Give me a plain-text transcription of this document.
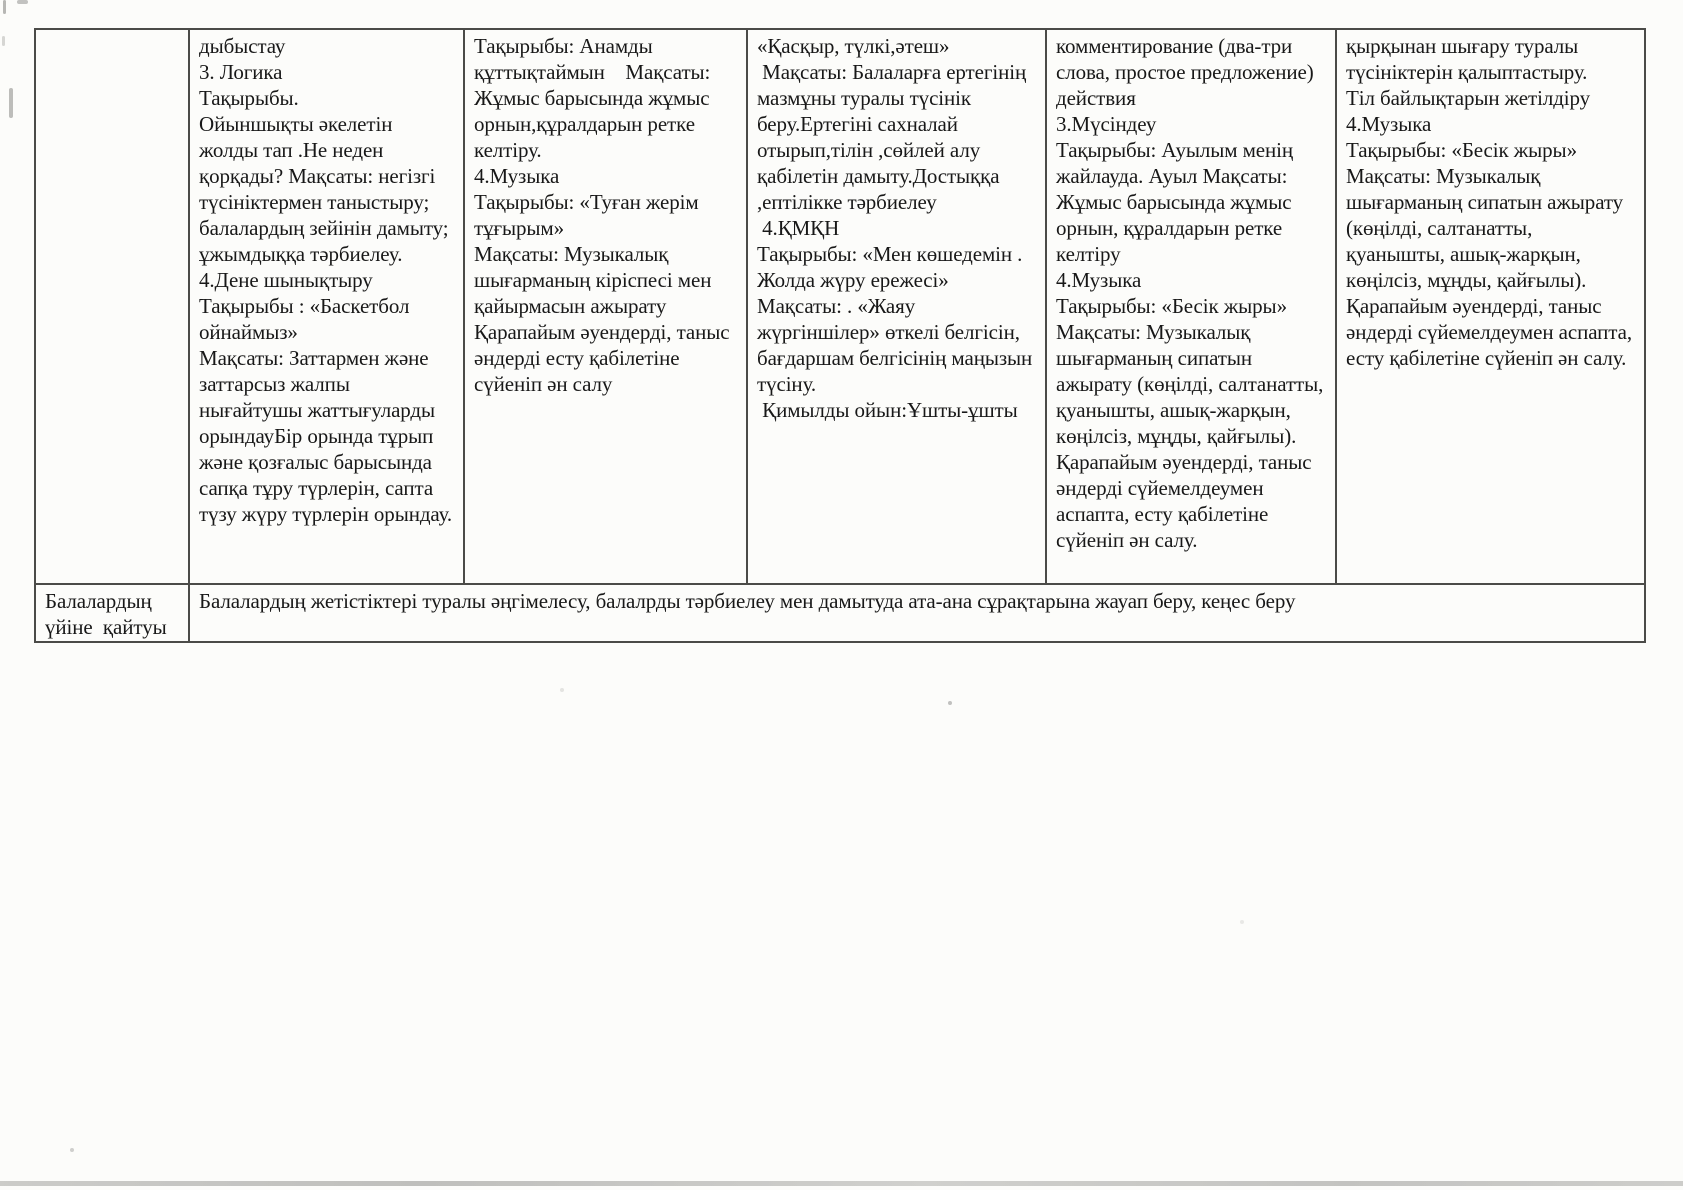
дыбыстау

3. Логика

Тақырыбы.

Ойыншықты әкелетін жолды тап .Не неден қорқады? Мақсаты: негізгі түсініктермен таныстыру; балалардың зейінін дамыту; ұжымдыққа тәрбиелеу.

4.Дене шынықтыру

Тақырыбы : «Баскетбол ойнаймыз»

Мақсаты: Заттармен және заттарсыз жалпы нығайтушы жаттығуларды орындауБір орында тұрып және қозғалыс барысында сапқа тұру түрлерін, сапта түзу жүру түрлерін орындау.

Тақырыбы: Анамды құттықтаймын    Мақсаты: Жұмыс барысында жұмыс орнын,құралдарын ретке келтіру.

4.Музыка

Тақырыбы: «Туған жерім тұғырым»

Мақсаты: Музыкалық шығарманың кіріспесі мен қайырмасын ажырату

Қарапайым әуендерді, таныс әндерді есту қабілетіне сүйеніп ән салу

«Қасқыр, түлкі,әтеш»

Мақсаты: Балаларға ертегінің мазмұны туралы түсінік беру.Ертегіні сахналай отырып,тілін ,сөйлей алу қабілетін дамыту.Достыққа ,ептілікке тәрбиелеу

4.ҚМҚН

Тақырыбы: «Мен көшедемін . Жолда жүру ережесі»

Мақсаты: . «Жаяу жүргіншілер» өткелі белгісін, бағдаршам белгісінің маңызын түсіну.

Қимылды ойын:Ұшты-ұшты

комментирование (два-три слова, простое предложение) действия

3.Мүсіндеу

Тақырыбы: Ауылым менің жайлауда. Ауыл Мақсаты: Жұмыс барысында жұмыс орнын, құралдарын ретке келтіру

4.Музыка

Тақырыбы: «Бесік жыры»

Мақсаты: Музыкалық шығарманың сипатын ажырату (көңілді, салтанатты, қуанышты, ашық-жарқын, көңілсіз, мұңды, қайғылы).

Қарапайым әуендерді, таныс әндерді сүйемелдеумен аспапта, есту қабілетіне сүйеніп ән салу.

қырқынан шығару туралы түсініктерін қалыптастыру.

Тіл байлықтарын жетілдіру

4.Музыка

Тақырыбы: «Бесік жыры»

Мақсаты: Музыкалық шығарманың сипатын ажырату (көңілді, салтанатты, қуанышты, ашық-жарқын, көңілсіз, мұңды, қайғылы).

Қарапайым әуендерді, таныс әндерді сүйемелдеумен аспапта, есту қабілетіне сүйеніп ән салу.

Балалардың

үйіне  қайтуы

Балалардың жетістіктері туралы әңгімелесу, балалрды тәрбиелеу мен дамытуда ата-ана сұрақтарына жауап беру, кеңес беру
